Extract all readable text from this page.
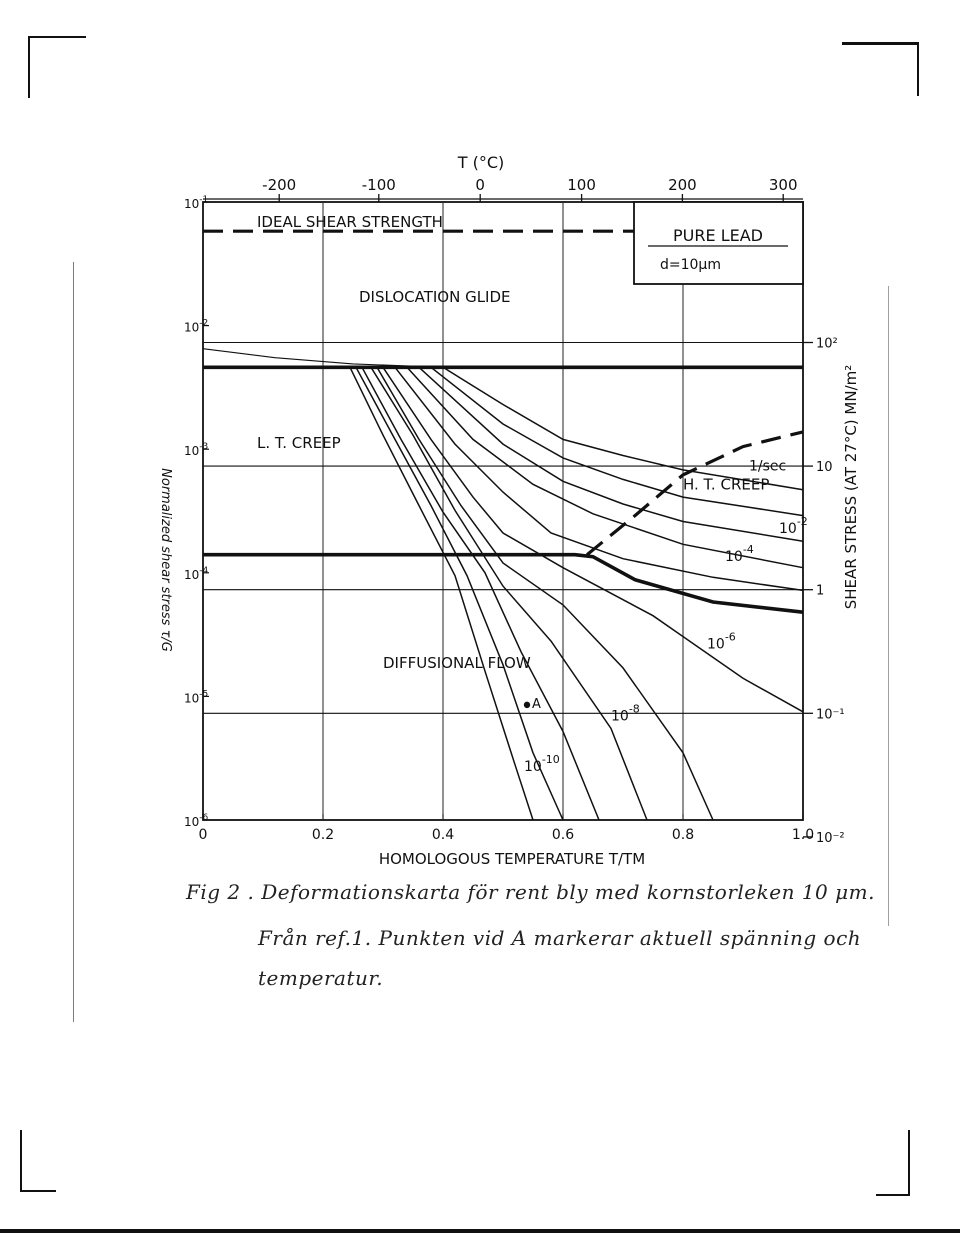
0	0.2	0.4	0.6	0.8	1.0
-200	-100	0	100	200	300
$10^{-1}$
$10^{-2}$
$10^{-3}$
$10^{-4}$
$10^{-5}$
$10^{-6}$
10²
10
1
10⁻¹
10⁻²
1/sec
$10^{-2}$
$10^{-4}$
$10^{-6}$
$10^{-8}$
$10^{-10}$
IDEAL SHEAR STRENGTH
DISLOCATION GLIDE
L. T. CREEP
H. T. CREEP
DIFFUSIONAL FLOW
A
PURE LEAD
d=10μm
HOMOLOGOUS TEMPERATURE T/TM
T (°C)
SHEAR STRESS (AT 27°C) MN/m²
Normalized shear stress τ/G
Fig 2 . Deformationskarta för rent bly med kornstorleken 10 μm.
Från ref.1. Punkten vid A markerar aktuell spänning och
temperatur.
